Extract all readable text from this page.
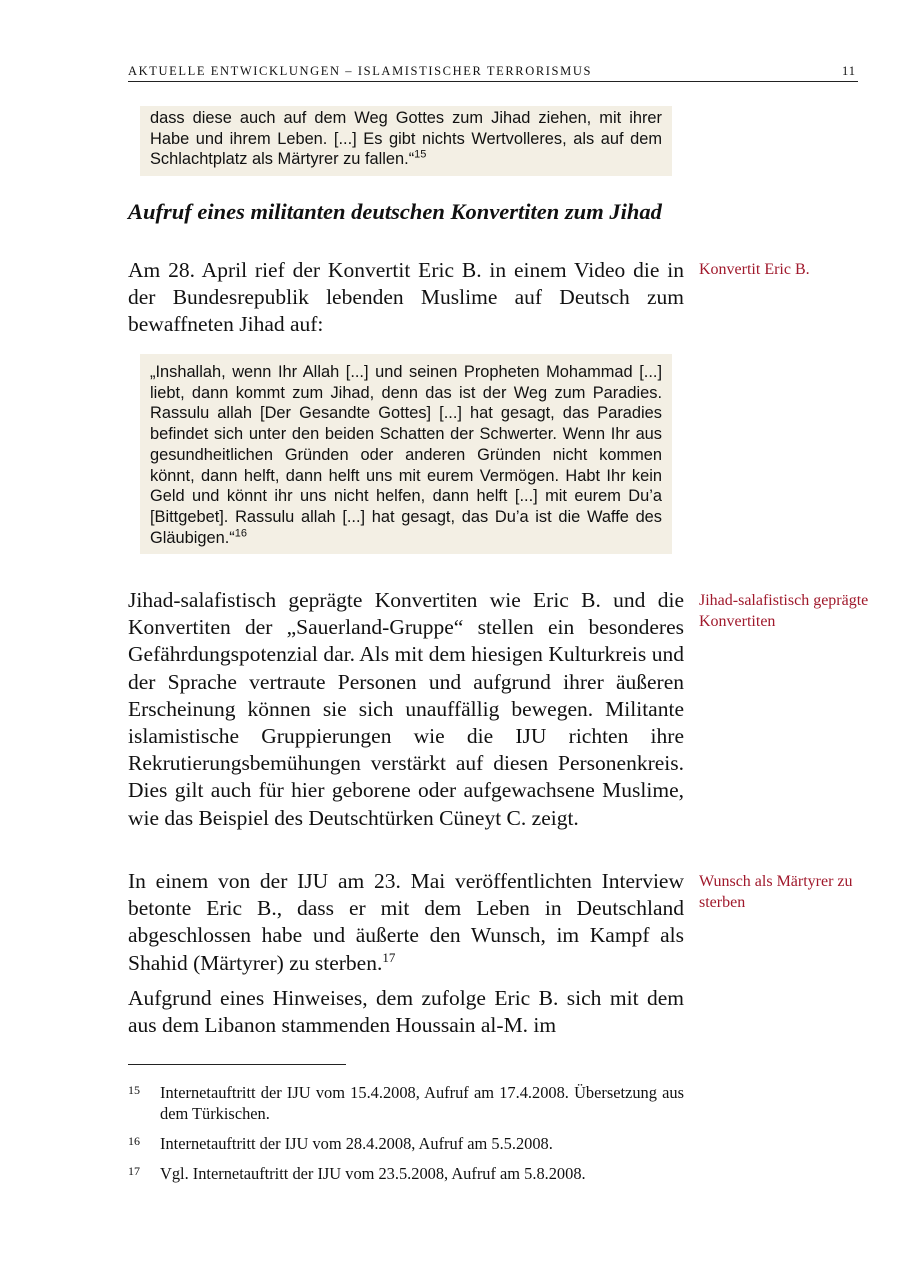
AKTUELLE ENTWICKLUNGEN – ISLAMISTISCHER TERRORISMUS	11
dass diese auch auf dem Weg Gottes zum Jihad ziehen, mit ihrer Habe und ihrem Leben. [...] Es gibt nichts Wertvolleres, als auf dem Schlachtplatz als Märtyrer zu fallen.“$^{15}$
Aufruf eines militanten deutschen Konvertiten zum Jihad

Am 28. April rief der Konvertit Eric B. in einem Video die in der Bundesrepublik lebenden Muslime auf Deutsch zum bewaffneten Jihad auf:

Konvertit Eric B.
„Inshallah, wenn Ihr Allah [...] und seinen Propheten Mohammad [...] liebt, dann kommt zum Jihad, denn das ist der Weg zum Paradies. Rassulu allah [Der Gesandte Gottes] [...] hat gesagt, das Paradies befindet sich unter den beiden Schatten der Schwerter. Wenn Ihr aus gesundheitlichen Gründen oder anderen Gründen nicht kommen könnt, dann helft, dann helft uns mit eurem Vermögen. Habt Ihr kein Geld und könnt ihr uns nicht helfen, dann helft [...] mit eurem Du’a [Bittgebet]. Rassulu allah [...] hat gesagt, das Du’a ist die Waffe des Gläubigen.“$^{16}$

Jihad-salafistisch geprägte Konvertiten wie Eric B. und die Konvertiten der „Sauerland-Gruppe“ stellen ein besonderes Gefährdungspotenzial dar. Als mit dem hiesigen Kulturkreis und der Sprache vertraute Personen und aufgrund ihrer äußeren Erscheinung können sie sich unauffällig bewegen. Militante islamistische Gruppierungen wie die IJU richten ihre Rekrutierungsbemühungen verstärkt auf diesen Personenkreis. Dies gilt auch für hier geborene oder aufgewachsene Muslime, wie das Beispiel des Deutschtürken Cüneyt C. zeigt.

Jihad-salafistisch geprägte Konvertiten

In einem von der IJU am 23. Mai veröffentlichten Interview betonte Eric B., dass er mit dem Leben in Deutschland abgeschlossen habe und äußerte den Wunsch, im Kampf als Shahid (Märtyrer) zu sterben.$^{17}$

Wunsch als Märtyrer zu sterben

Aufgrund eines Hinweises, dem zufolge Eric B. sich mit dem aus dem Libanon stammenden Houssain al-M. im

15 Internetauftritt der IJU vom 15.4.2008, Aufruf am 17.4.2008. Übersetzung aus dem Türkischen.
16 Internetauftritt der IJU vom 28.4.2008, Aufruf am 5.5.2008.
17 Vgl. Internetauftritt der IJU vom 23.5.2008, Aufruf am 5.8.2008.
